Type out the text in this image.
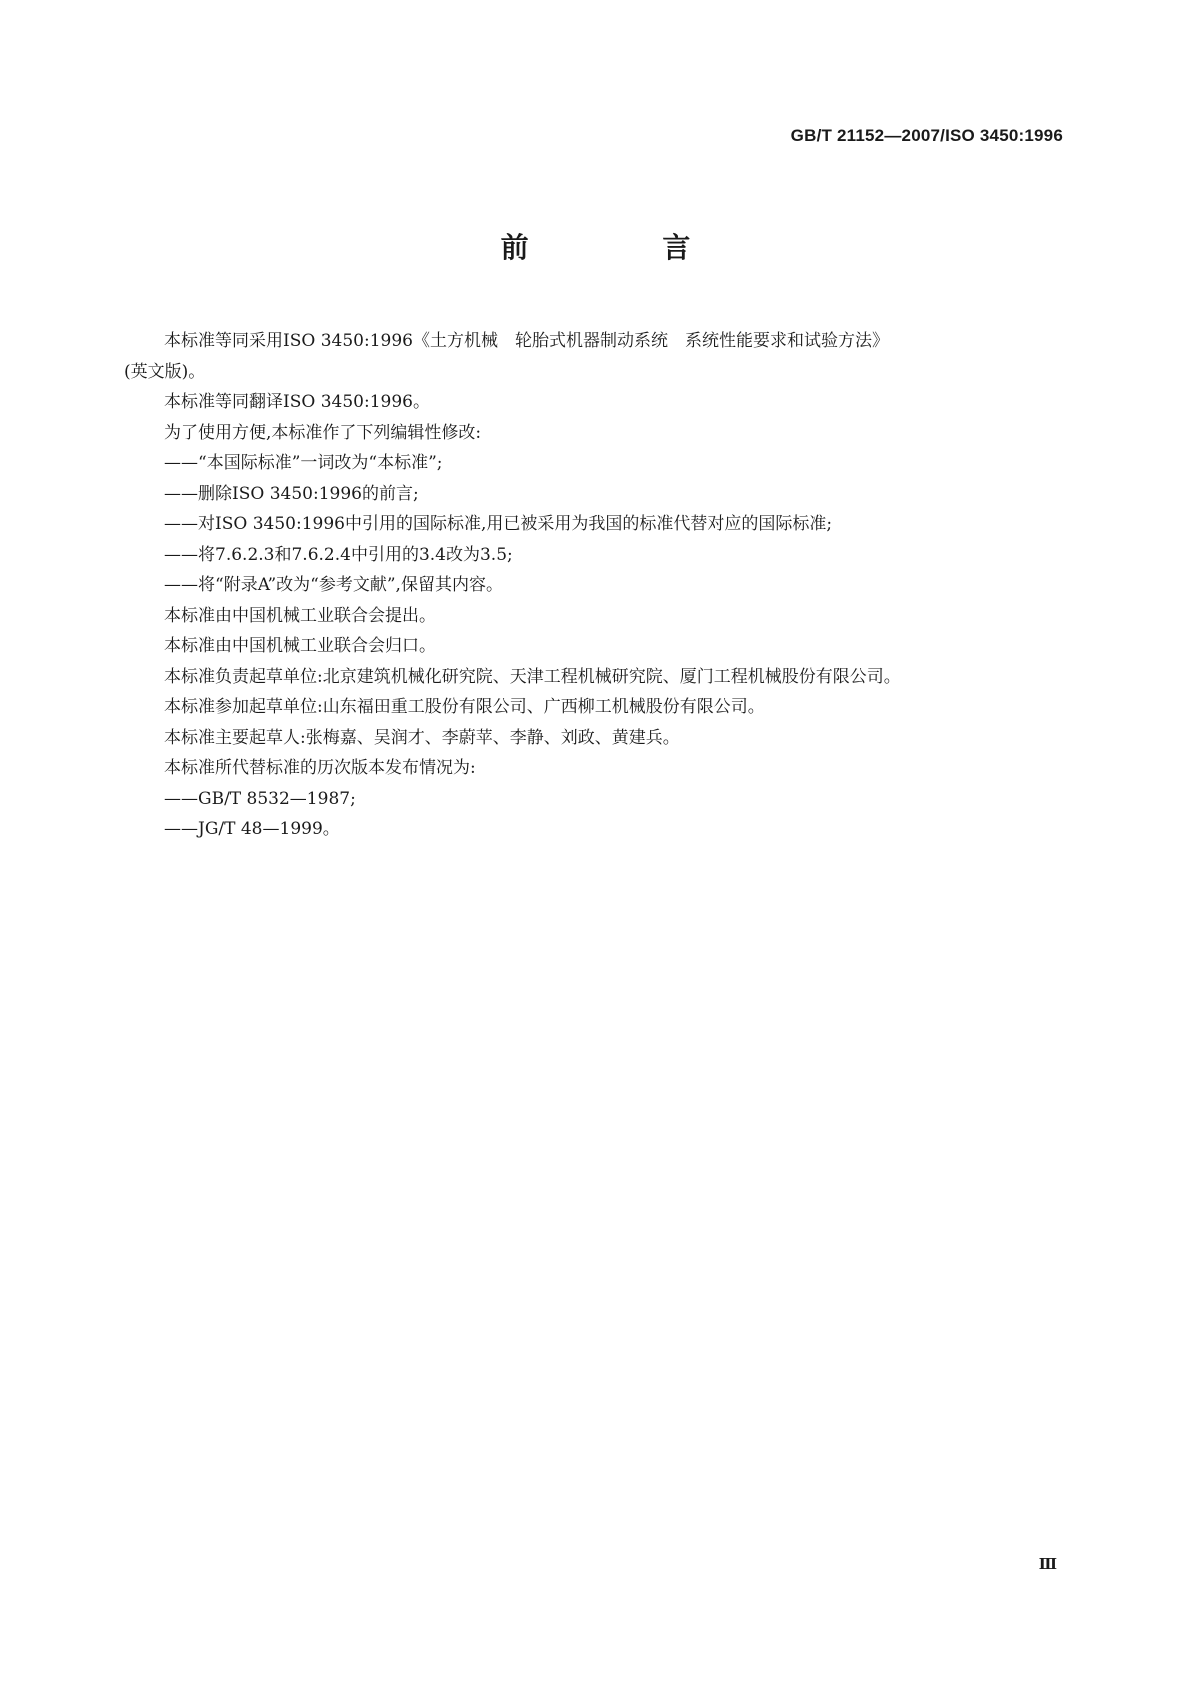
GB/T 21152—2007/ISO 3450:1996
前 言

本标准等同采用ISO 3450:1996《土方机械　轮胎式机器制动系统　系统性能要求和试验方法》

(英文版)。

本标准等同翻译ISO 3450:1996。

为了使用方便,本标准作了下列编辑性修改:

——“本国际标准”一词改为“本标准”;

——删除ISO 3450:1996的前言;

——对ISO 3450:1996中引用的国际标准,用已被采用为我国的标准代替对应的国际标准;

——将7.6.2.3和7.6.2.4中引用的3.4改为3.5;

——将“附录A”改为“参考文献”,保留其内容。

本标准由中国机械工业联合会提出。

本标准由中国机械工业联合会归口。

本标准负责起草单位:北京建筑机械化研究院、天津工程机械研究院、厦门工程机械股份有限公司。

本标准参加起草单位:山东福田重工股份有限公司、广西柳工机械股份有限公司。

本标准主要起草人:张梅嘉、吴润才、李蔚苹、李静、刘政、黄建兵。

本标准所代替标准的历次版本发布情况为:

——GB/T 8532—1987;

——JG/T 48—1999。

Ⅲ
